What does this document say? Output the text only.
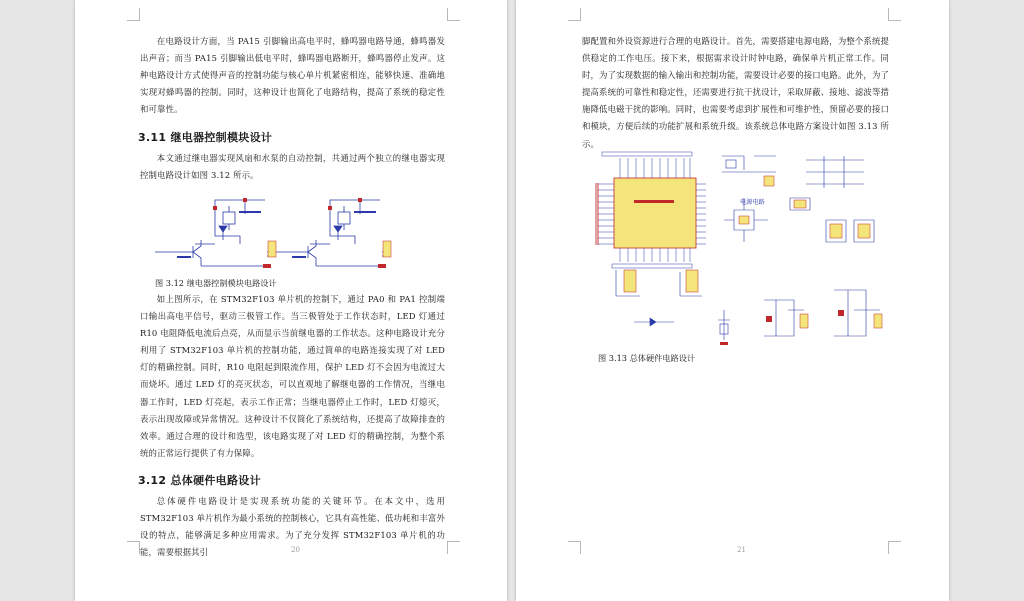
在电路设计方面，当 PA15 引脚输出高电平时，蜂鸣器电路导通，蜂鸣器发出声音；而当 PA15 引脚输出低电平时，蜂鸣器电路断开，蜂鸣器停止发声。这种电路设计方式使得声音的控制功能与核心单片机紧密相连，能够快速、准确地实现对蜂鸣器的控制。同时，这种设计也简化了电路结构，提高了系统的稳定性和可靠性。

3.11 继电器控制模块设计

本文通过继电器实现风扇和水泵的自动控制，共通过两个独立的继电器实现控制电路设计如图 3.12 所示。

图 3.12 继电器控制模块电路设计

如上图所示，在 STM32F103 单片机的控制下，通过 PA0 和 PA1 控制端口输出高电平信号，驱动三极管工作。当三极管处于工作状态时，LED 灯通过 R10 电阻降低电流后点亮，从而显示当前继电器的工作状态。这种电路设计充分利用了 STM32F103 单片机的控制功能，通过简单的电路连接实现了对 LED 灯的精确控制。同时，R10 电阻起到限流作用，保护 LED 灯不会因为电流过大而烧坏。通过 LED 灯的亮灭状态，可以直观地了解继电器的工作情况，当继电器工作时，LED 灯亮起，表示工作正常；当继电器停止工作时，LED 灯熄灭，表示出现故障或异常情况。这种设计不仅简化了系统结构，还提高了故障排查的效率。通过合理的设计和选型，该电路实现了对 LED 灯的精确控制，为整个系统的正常运行提供了有力保障。

3.12 总体硬件电路设计

总体硬件电路设计是实现系统功能的关键环节。在本文中，选用 STM32F103 单片机作为最小系统的控制核心，它具有高性能、低功耗和丰富外设的特点，能够满足多种应用需求。为了充分发挥 STM32F103 单片机的功能，需要根据其引	20

脚配置和外设资源进行合理的电路设计。首先，需要搭建电源电路，为整个系统提供稳定的工作电压。接下来，根据需求设计时钟电路，确保单片机正常工作。同时，为了实现数据的输入输出和控制功能，需要设计必要的接口电路。此外，为了提高系统的可靠性和稳定性，还需要进行抗干扰设计，采取屏蔽、接地、滤波等措施降低电磁干扰的影响。同时，也需要考虑到扩展性和可维护性，预留必要的接口和模块，方便后续的功能扩展和系统升级。该系统总体电路方案设计如图 3.13 所示。

电源电路

图 3.13 总体硬件电路设计

21
